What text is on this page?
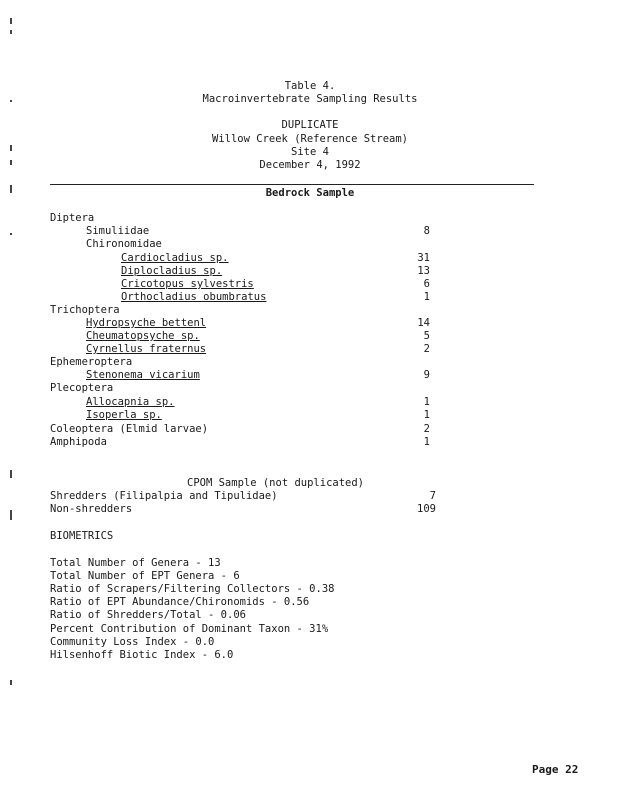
Table 4.
Macroinvertebrate Sampling Results
DUPLICATE
Willow Creek (Reference Stream)
Site 4
December 4, 1992
Bedrock Sample
Diptera
Simuliidae	8
Chironomidae
Cardiocladius sp.	31
Diplocladius sp.	13
Cricotopus sylvestris	6
Orthocladius obumbratus	1
Trichoptera
Hydropsyche bettenl	14
Cheumatopsyche sp.	5
Cyrnellus fraternus	2
Ephemeroptera
Stenonema vicarium	9
Plecoptera
Allocapnia sp.	1
Isoperla sp.	1
Coleoptera (Elmid larvae)	2
Amphipoda	1
CPOM Sample (not duplicated)
Shredders (Filipalpia and Tipulidae)	7
Non-shredders	109
BIOMETRICS
Total Number of Genera - 13
Total Number of EPT Genera - 6
Ratio of Scrapers/Filtering Collectors - 0.38
Ratio of EPT Abundance/Chironomids - 0.56
Ratio of Shredders/Total - 0.06
Percent Contribution of Dominant Taxon - 31%
Community Loss Index - 0.0
Hilsenhoff Biotic Index - 6.0
Page 22
